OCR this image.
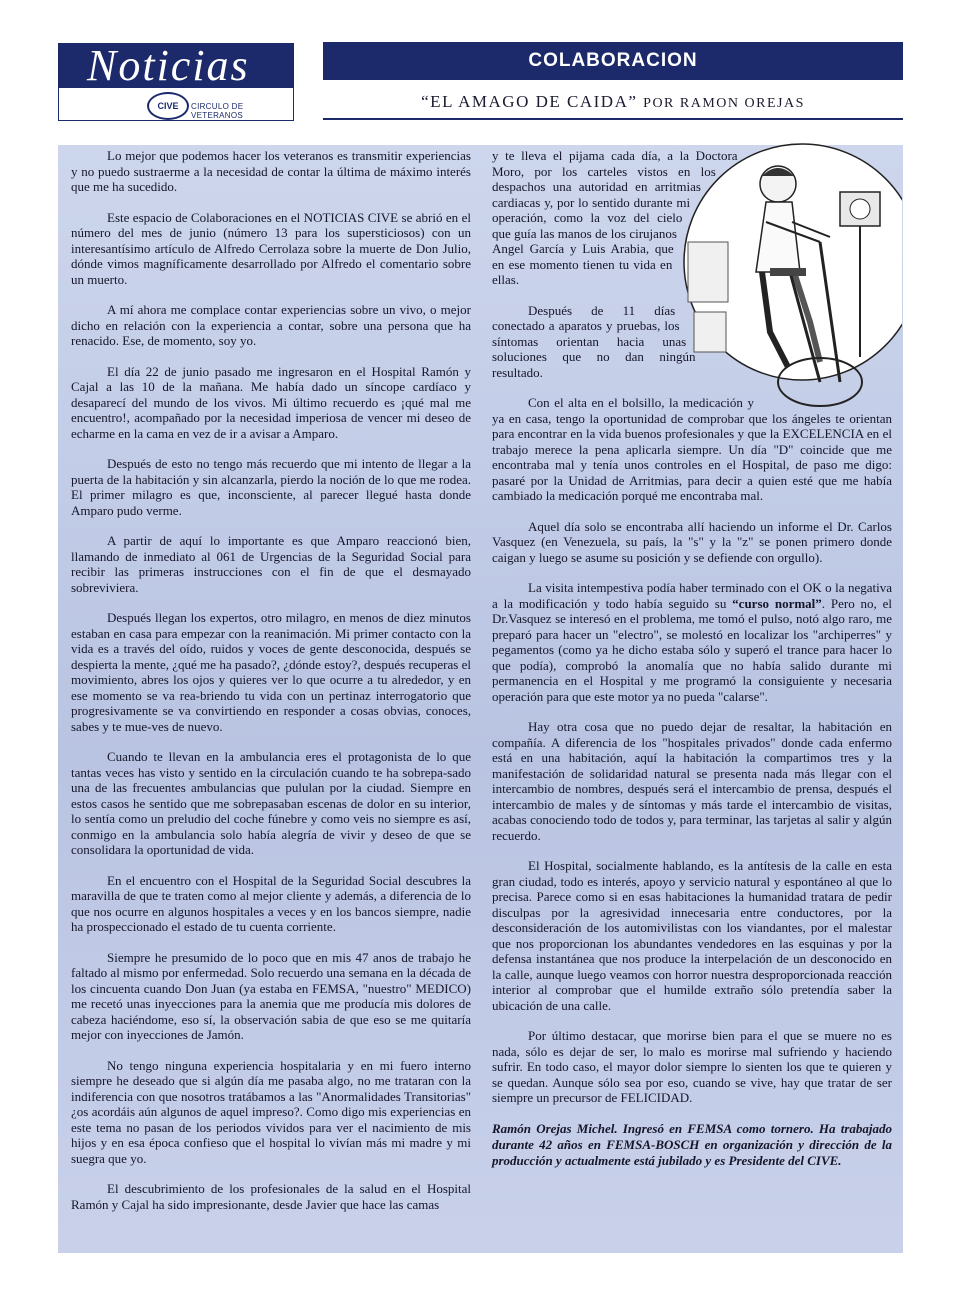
Noticias
CIVE	CIRCULO DE VETERANOS
COLABORACION
“EL AMAGO DE CAIDA” POR RAMON OREJAS

Lo mejor que podemos hacer los veteranos es transmitir experiencias y no puedo sustraerme a la necesidad de contar la última de máximo interés que me ha sucedido.

Este espacio de Colaboraciones en el NOTICIAS CIVE se abrió en el número del mes de junio (número 13 para los supersticiosos) con un interesantísimo artículo de Alfredo Cerrolaza sobre la muerte de Don Julio, dónde vimos magníficamente desarrollado por Alfredo el comentario sobre un muerto.

A mí ahora me complace contar experiencias sobre un vivo, o mejor dicho en relación con la experiencia a contar, sobre una persona que ha renacido. Ese, de momento, soy yo.

El día 22 de junio pasado me ingresaron en el Hospital Ramón y Cajal a las 10 de la mañana. Me había dado un síncope cardíaco y desaparecí del mundo de los vivos. Mi último recuerdo es ¡qué mal me encuentro!, acompañado por la necesidad imperiosa de vencer mi deseo de echarme en la cama en vez de ir a avisar a Amparo.

Después de esto no tengo más recuerdo que mi intento de llegar a la puerta de la habitación y sin alcanzarla, pierdo la noción de lo que me rodea. El primer milagro es que, inconsciente, al parecer llegué hasta donde Amparo pudo verme.

A partir de aquí lo importante es que Amparo reaccionó bien, llamando de inmediato al 061 de Urgencias de la Seguridad Social para recibir las primeras instrucciones con el fin de que el desmayado sobreviviera.

Después llegan los expertos, otro milagro, en menos de diez minutos estaban en casa para empezar con la reanimación. Mi primer contacto con la vida es a través del oído, ruidos y voces de gente desconocida, después se despierta la mente, ¿qué me ha pasado?, ¿dónde estoy?, después recuperas el movimiento, abres los ojos y quieres ver lo que ocurre a tu alrededor, y en ese momento se va rea-briendo tu vida con un pertinaz interrogatorio que progresivamente se va convirtiendo en responder a cosas obvias, conoces, sabes y te mue-ves de nuevo.

Cuando te llevan en la ambulancia eres el protagonista de lo que tantas veces has visto y sentido en la circulación cuando te ha sobrepa-sado una de las frecuentes ambulancias que pululan por la ciudad. Siempre en estos casos he sentido que me sobrepasaban escenas de dolor en su interior, lo sentía como un preludio del coche fúnebre y como veis no siempre es así, conmigo en la ambulancia solo había alegría de vivir y deseo de que se consolidara la oportunidad de vida.

En el encuentro con el Hospital de la Seguridad Social descubres la maravilla de que te traten como al mejor cliente y además, a diferencia de lo que nos ocurre en algunos hospitales a veces y en los bancos siempre, nadie ha prospeccionado el estado de tu cuenta corriente.

Siempre he presumido de lo poco que en mis 47 anos de trabajo he faltado al mismo por enfermedad. Solo recuerdo una semana en la década de los cincuenta cuando Don Juan (ya estaba en FEMSA, "nuestro" MEDICO) me recetó unas inyecciones para la anemia que me producía mis dolores de cabeza haciéndome, eso sí, la observación sabia de que eso se me quitaría mejor con inyecciones de Jamón.

No tengo ninguna experiencia hospitalaria y en mi fuero interno siempre he deseado que si algún día me pasaba algo, no me trataran con la indiferencia con que nosotros tratábamos a las "Anormalidades Transitorias" ¿os acordáis aún algunos de aquel impreso?. Como digo mis experiencias en este tema no pasan de los periodos vividos para ver el nacimiento de mis hijos y en esa época confieso que el hospital lo vivían más mi madre y mi suegra que yo.

El descubrimiento de los profesionales de la salud en el Hospital Ramón y Cajal ha sido impresionante, desde Javier que hace las camas

y te lleva el pijama cada día, a la Doctora Moro, por los carteles vistos en los despachos una autoridad en arritmias cardiacas y, por lo sentido durante mi operación, como la voz del cielo que guía las manos de los cirujanos Angel García y Luis Arabia, que en ese momento tienen tu vida en ellas.

Después de 11 días conectado a aparatos y pruebas, los síntomas orientan hacia unas soluciones que no dan ningún resultado.

Con el alta en el bolsillo, la medicación y ya en casa, tengo la oportunidad de comprobar que los ángeles te orientan para encontrar en la vida buenos profesionales y que la EXCELENCIA en el trabajo merece la pena aplicarla siempre. Un día "D" coincide que me encontraba mal y tenía unos controles en el Hospital, de paso me digo: pasaré por la Unidad de Arritmias, para decir a quien esté que me había cambiado la medicación porqué me encontraba mal.

Aquel día solo se encontraba allí haciendo un informe el Dr. Carlos Vasquez (en Venezuela, su país, la "s" y la "z" se ponen primero donde caigan y luego se asume su posición y se defiende con orgullo).

La visita intempestiva podía haber terminado con el OK o la negativa a la modificación y todo había seguido su “curso normal”. Pero no, el Dr.Vasquez se interesó en el problema, me tomó el pulso, notó algo raro, me preparó para hacer un "electro", se molestó en localizar los "archiperres" y pegamentos (como ya he dicho estaba sólo y superó el trance para hacer lo que podía), comprobó la anomalía que no había salido durante mi permanencia en el Hospital y me programó la consiguiente y necesaria operación para que este motor ya no pueda "calarse".

Hay otra cosa que no puedo dejar de resaltar, la habitación en compañía. A diferencia de los "hospitales privados" donde cada enfermo está en una habitación, aquí la habitación la compartimos tres y la manifestación de solidaridad natural se presenta nada más llegar con el intercambio de nombres, después será el intercambio de prensa, después el intercambio de males y de síntomas y más tarde el intercambio de visitas, acabas conociendo todo de todos y, para terminar, las tarjetas al salir y algún recuerdo.

El Hospital, socialmente hablando, es la antítesis de la calle en esta gran ciudad, todo es interés, apoyo y servicio natural y espontáneo al que lo precisa. Parece como si en esas habitaciones la humanidad tratara de pedir disculpas por la agresividad innecesaria entre conductores, por la desconsideración de los automivilistas con los viandantes, por el malestar que nos proporcionan los abundantes vendedores en las esquinas y por la defensa instantánea que nos produce la interpelación de un desconocido en la calle, aunque luego veamos con horror nuestra desproporcionada reacción interior al comprobar que el humilde extraño sólo pretendía saber la ubicación de una calle.

Por último destacar, que morirse bien para el que se muere no es nada, sólo es dejar de ser, lo malo es morirse mal sufriendo y haciendo sufrir. En todo caso, el mayor dolor siempre lo sienten los que te quieren y se quedan. Aunque sólo sea por eso, cuando se vive, hay que tratar de ser siempre un precursor de FELICIDAD.

Ramón Orejas Michel. Ingresó en FEMSA como tornero. Ha trabajado durante 42 años en FEMSA-BOSCH en organización y dirección de la producción y actualmente está jubilado y es Presidente del CIVE.
